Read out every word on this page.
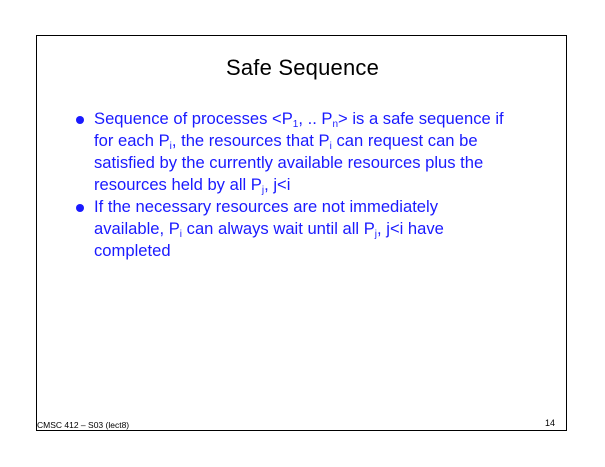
Safe Sequence
Sequence of processes $<P_1$, .. $P_n>$ is a safe sequence if for each $P_i$, the resources that $P_i$ can request can be satisfied by the currently available resources plus the resources held by all $P_j$, j<i
If the necessary resources are not immediately available, $P_i$ can always wait until all $P_j$, j<i have completed
CMSC 412 – S03 (lect8)	14
